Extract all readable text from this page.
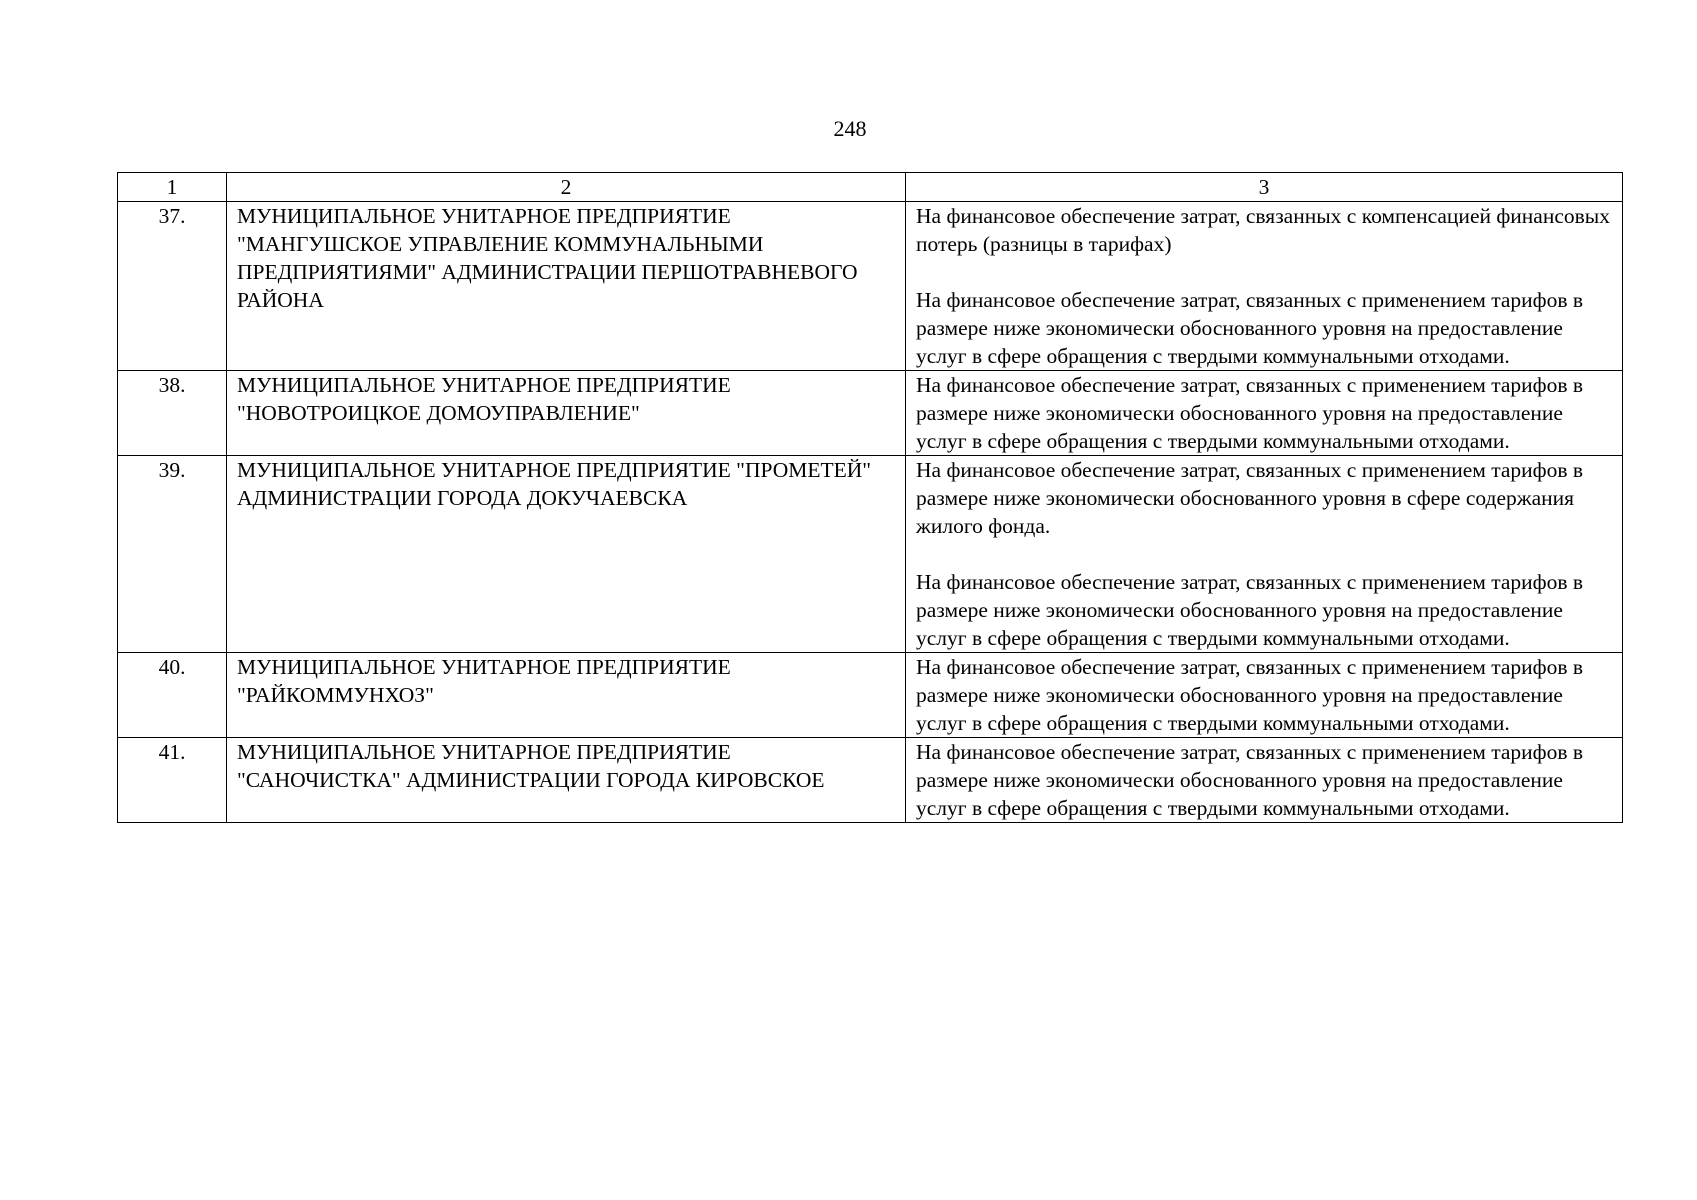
248
1	2	3
37.	МУНИЦИПАЛЬНОЕ УНИТАРНОЕ ПРЕДПРИЯТИЕ "МАНГУШСКОЕ УПРАВЛЕНИЕ КОММУНАЛЬНЫМИ ПРЕДПРИЯТИЯМИ" АДМИНИСТРАЦИИ ПЕРШОТРАВНЕВОГО РАЙОНА	На финансовое обеспечение затрат, связанных с компенсацией финансовых потерь (разницы в тарифах)
На финансовое обеспечение затрат, связанных с применением тарифов в размере ниже экономически обоснованного уровня на предоставление услуг в сфере обращения с твердыми коммунальными отходами.

38.	МУНИЦИПАЛЬНОЕ УНИТАРНОЕ ПРЕДПРИЯТИЕ "НОВОТРОИЦКОЕ ДОМОУПРАВЛЕНИЕ"	На финансовое обеспечение затрат, связанных с применением тарифов в размере ниже экономически обоснованного уровня на предоставление услуг в сфере обращения с твердыми коммунальными отходами.

39.	МУНИЦИПАЛЬНОЕ УНИТАРНОЕ ПРЕДПРИЯТИЕ "ПРОМЕТЕЙ" АДМИНИСТРАЦИИ ГОРОДА ДОКУЧАЕВСКА	На финансовое обеспечение затрат, связанных с применением тарифов в размере ниже экономически обоснованного уровня в сфере содержания жилого фонда.
На финансовое обеспечение затрат, связанных с применением тарифов в размере ниже экономически обоснованного уровня на предоставление услуг в сфере обращения с твердыми коммунальными отходами.

40.	МУНИЦИПАЛЬНОЕ УНИТАРНОЕ ПРЕДПРИЯТИЕ "РАЙКОММУНХОЗ"	На финансовое обеспечение затрат, связанных с применением тарифов в размере ниже экономически обоснованного уровня на предоставление услуг в сфере обращения с твердыми коммунальными отходами.

41.	МУНИЦИПАЛЬНОЕ УНИТАРНОЕ ПРЕДПРИЯТИЕ "САНОЧИСТКА" АДМИНИСТРАЦИИ ГОРОДА КИРОВСКОЕ	На финансовое обеспечение затрат, связанных с применением тарифов в размере ниже экономически обоснованного уровня на предоставление услуг в сфере обращения с твердыми коммунальными отходами.
